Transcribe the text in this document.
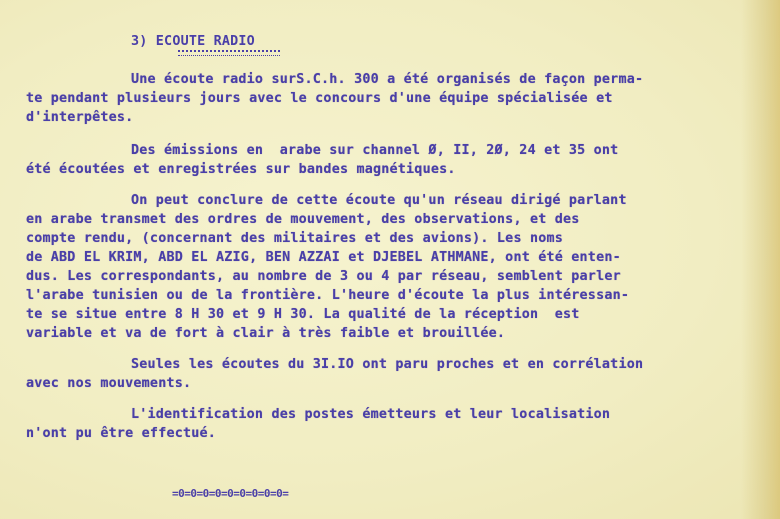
3) ECOUTE RADIO
Une écoute radio surS.C.h. 300 a été organisés de façon perma-
te pendant plusieurs jours avec le concours d'une équipe spécialisée et
d'interpêtes.
Des émissions en  arabe sur channel Ø, II, 2Ø, 24 et 35 ont
été écoutées et enregistrées sur bandes magnétiques.
On peut conclure de cette écoute qu'un réseau dirigé parlant
en arabe transmet des ordres de mouvement, des observations, et des
compte rendu, (concernant des militaires et des avions). Les noms
de ABD EL KRIM, ABD EL AZIG, BEN AZZAI et DJEBEL ATHMANE, ont été enten-
dus. Les correspondants, au nombre de 3 ou 4 par réseau, semblent parler
l'arabe tunisien ou de la frontière. L'heure d'écoute la plus intéressan-
te se situe entre 8 H 30 et 9 H 30. La qualité de la réception  est
variable et va de fort à clair à très faible et brouillée.
Seules les écoutes du 3I.IO ont paru proches et en corrélation
avec nos mouvements.
L'identification des postes émetteurs et leur localisation
n'ont pu être effectué.
=0=0=0=0=0=0=0=0=0=
